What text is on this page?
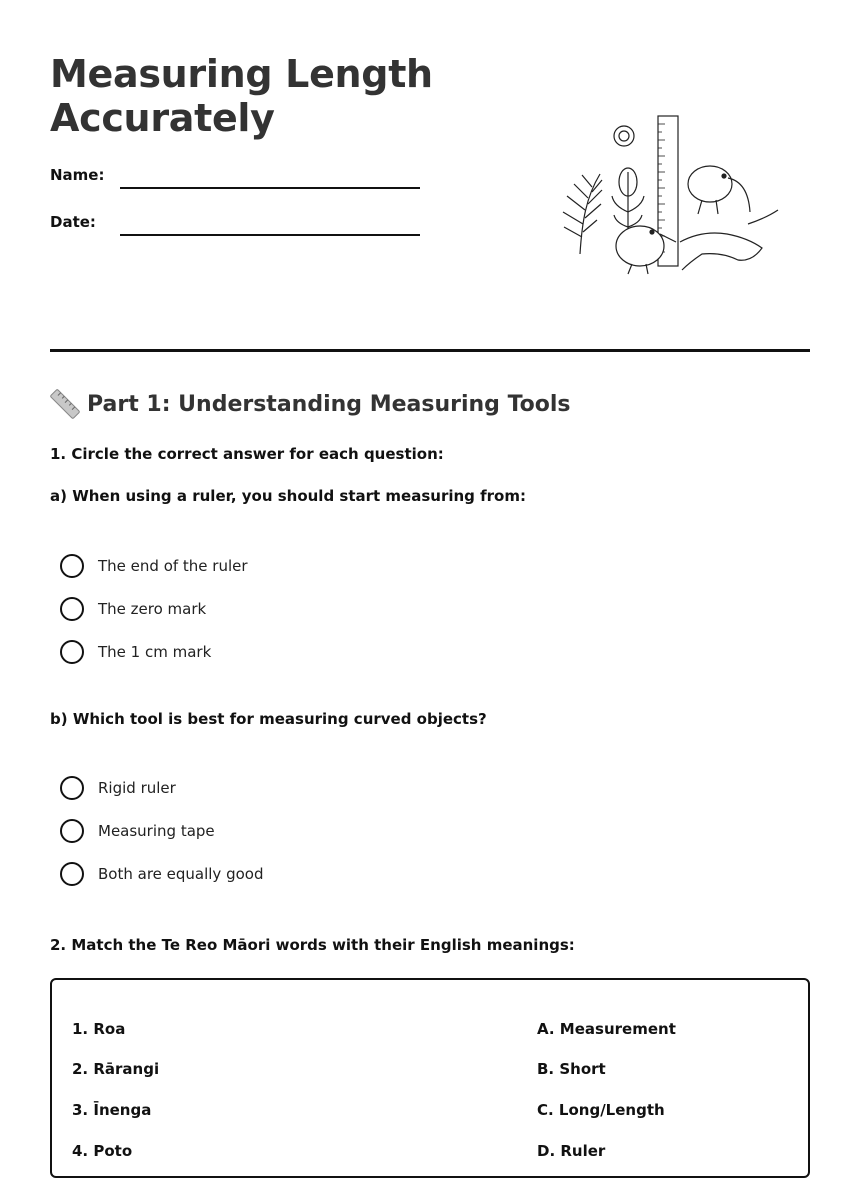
Measuring Length
Accurately
Name:
Date:
Part 1: Understanding Measuring Tools

1. Circle the correct answer for each question:

a) When using a ruler, you should start measuring from:

The end of the ruler
The zero mark
The 1 cm mark

b) Which tool is best for measuring curved objects?

Rigid ruler
Measuring tape
Both are equally good

2. Match the Te Reo Māori words with their English meanings:

1. Roa
2. Rārangi
3. Īnenga
4. Poto
A. Measurement
B. Short
C. Long/Length
D. Ruler
